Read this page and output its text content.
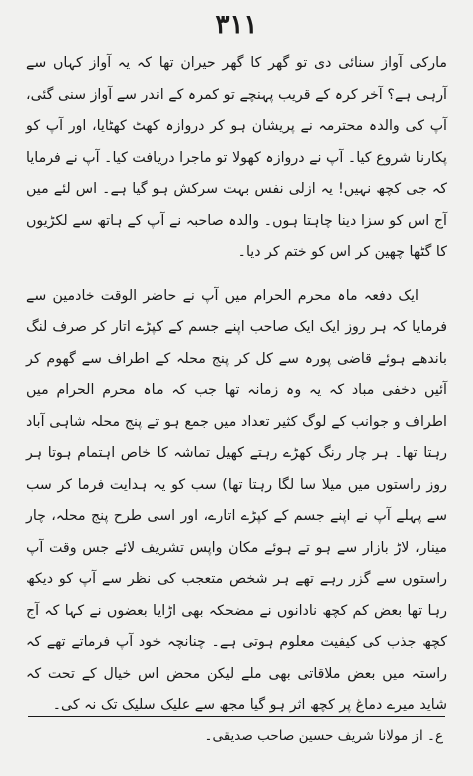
۳۱۱

مارکی آواز سنائی دی تو گھر کا گھر حیران تھا کہ یہ آواز کہاں سے آرہی ہے؟ آخر کرہ کے قریب پہنچے تو کمرہ کے اندر سے آواز سنی گئی، آپ کی والدہ محترمہ نے پریشان ہو کر دروازہ کھٹ کھٹایا، اور آپ کو پکارنا شروع کیا۔ آپ نے دروازہ کھولا تو ماجرا دریافت کیا۔ آپ نے فرمایا کہ جی کچھ نہیں! یہ ازلی نفس بہت سرکش ہو گیا ہے۔ اس لئے میں آج اس کو سزا دینا چاہتا ہوں۔ والدہ صاحبہ نے آپ کے ہاتھ سے لکڑیوں کا گٹھا چھین کر اس کو ختم کر دیا۔

ایک دفعہ ماہ محرم الحرام میں آپ نے حاضر الوقت خادمین سے فرمایا کہ ہر روز ایک ایک صاحب اپنے جسم کے کپڑے اتار کر صرف لنگ باندھے ہوئے قاضی پورہ سے کل کر پنج محلہ کے اطراف سے گھوم کر آئیں دخفی مباد کہ یہ وہ زمانہ تھا جب کہ ماہ محرم الحرام میں اطراف و جوانب کے لوگ کثیر تعداد میں جمع ہو تے پنج محلہ شاہی آباد رہتا تھا۔ ہر چار رنگ کھڑے رہتے کھیل تماشہ کا خاص اہتمام ہوتا ہر روز راستوں میں میلا سا لگا رہتا تھا) سب کو یہ ہدایت فرما کر سب سے پہلے آپ نے اپنے جسم کے کپڑے اتارے، اور اسی طرح پنج محلہ، چار مینار، لاڑ بازار سے ہو تے ہوئے مکان واپس تشریف لائے جس وقت آپ راستوں سے گزر رہے تھے ہر شخص متعجب کی نظر سے آپ کو دیکھ رہا تھا بعض کم کچھ نادانوں نے مضحکہ بھی اڑایا بعضوں نے کہا کہ آج کچھ جذب کی کیفیت معلوم ہوتی ہے۔ چنانچہ خود آپ فرماتے تھے کہ راستہ میں بعض ملاقاتی بھی ملے لیکن محض اس خیال کے تحت کہ شاید میرے دماغ پر کچھ اثر ہو گیا مجھ سے علیک سلیک تک نہ کی۔

ع۔ از مولانا شریف حسین صاحب صدیقی۔
